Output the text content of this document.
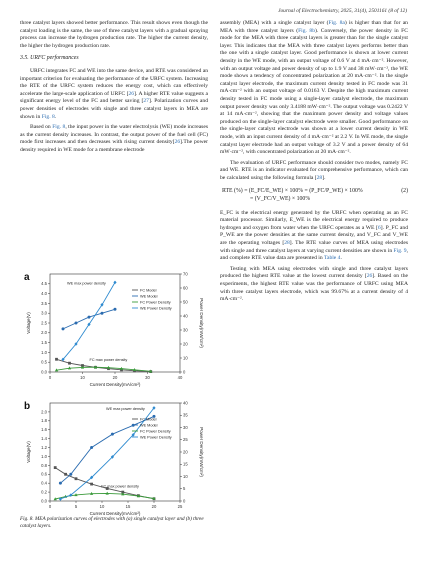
Journal of Electrochemistry, 2025, 31(4), 2501161 (8 of 12)

three catalyst layers showed better performance. This result shows even though the catalyst loading is the same, the use of three catalyst layers with a gradual spraying process can increase the hydrogen production rate. The higher the current density, the higher the hydrogen production rate.

3.5. URFC performances

URFC integrates FC and WE into the same device, and RTE was considered an important criterion for evaluating the performance of the URFC system. Increasing the RTE of the URFC system reduces the energy cost, which can effectively accelerate the large-scale application of URFC [26]. A higher RTE value suggests a significant energy level of the FC and better saving [27]. Polarization curves and power densities of electrodes with single and three catalyst layers in MEA are shown in Fig. 8.

Based on Fig. 8, the input power in the water electrolysis (WE) mode increases as the current density increases. In contrast, the output power of the fuel cell (FC) mode first increases and then decreases with rising current density[26].The power density required in WE mode for a membrane electrode

a
0	10	20	30	40
0.0
0.5
1.0
1.5
2.0
2.5
3.0
3.5
4.0
4.5
0
10
20
30
40
50
60
70
Current Density(mA/cm²)
Voltage(V)	Power Density(mW/cm²)
FC Model
WE Model
FC Power Density
WE Power Density
WE max power density
FC max power density

b
0	5	10	15	20	25
0.0
0.2
0.4
0.6
0.8
1.0
1.2
1.4
1.6
1.8
2.0
0
5
10
15
20
25
30
35
40
Current Density(mA/cm²)
Voltage(V)	Power Density(mW/cm²)
FC Model
WE Model
FC Power Density
WE Power Density
WE max power density
FC max power density
Fig. 8. MEA polarization curves of electrodes with (a) single catalyst layer and (b) three catalyst layers.

assembly (MEA) with a single catalyst layer (Fig. 8a) is higher than that for an MEA with three catalyst layers (Fig. 8b). Conversely, the power density in FC mode for the MEA with three catalyst layers is greater than for the single catalyst layer. This indicates that the MEA with three catalyst layers performs better than the one with a single catalyst layer. Good performance is shown at lower current density in the WE mode, with an output voltage of 0.6 V at 4 mA·cm⁻². However, with an output voltage and power density of up to 1.9 V and 38 mW·cm⁻², the WE mode shows a tendency of concentrated polarization at 20 mA·cm⁻². In the single catalyst layer electrode, the maximum current density tested in FC mode was 31 mA·cm⁻² with an output voltage of 0.0163 V. Despite the high maximum current density tested in FC mode using a single-layer catalyst electrode, the maximum output power density was only 3.4188 mW·cm⁻². The output voltage was 0.2422 V at 14 mA·cm⁻², showing that the maximum power density and voltage values produced on the single-layer catalyst electrode were smaller. Good performance on the single-layer catalyst electrode was shown at a lower current density in WE mode, with an input current density of 4 mA·cm⁻² at 2.2 V. In WE mode, the single catalyst layer electrode had an output voltage of 3.2 V and a power density of 64 mW·cm⁻², with concentrated polarization at 20 mA·cm⁻².

The evaluation of URFC performance should consider two modes, namely FC and WE. RTE is an indicator evaluated for comprehensive performance, which can be calculated using the following formula [28].

RTE (%) = (E_FC/E_WE) × 100% = (P_FC/P_WE) × 100%
= (V_FC/V_WE) × 100%
(2)

E_FC is the electrical energy generated by the URFC when operating as an FC material processor. Similarly, E_WE is the electrical energy required to produce hydrogen and oxygen from water when the URFC operates as a WE [6]. P_FC and P_WE are the power densities at the same current density, and V_FC and V_WE are the operating voltages [28]. The RTE value curves of MEA using electrodes with single and three catalyst layers at varying current densities are shown in Fig. 9, and complete RTE value data are presented in Table 4.

Testing with MEA using electrodes with single and three catalyst layers produced the highest RTE value at the lowest current density [26]. Based on the experiments, the highest RTE value was the performance of URFC using MEA with three catalyst layers electrode, which was 99.67% at a current density of 4 mA·cm⁻².
